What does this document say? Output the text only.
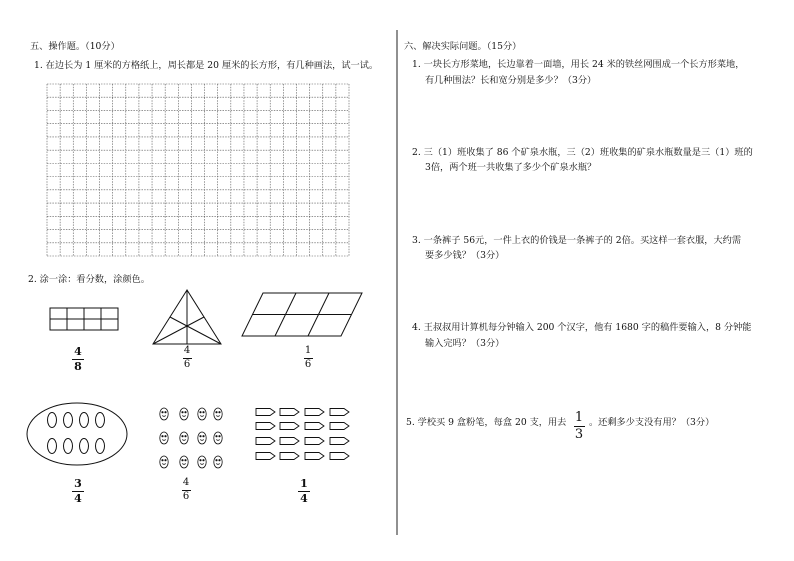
五、操作题。（10分）
1. 在边长为 1 厘米的方格纸上，周长都是 20 厘米的长方形，有几种画法，试一试。
2. 涂一涂：看分数，涂颜色。
六、解决实际问题。（15分）
1. 一块长方形菜地，长边靠着一面墙，用长 24 米的铁丝网围成一个长方形菜地，
有几种围法？长和宽分别是多少？（3分）
2. 三（1）班收集了 86 个矿泉水瓶，三（2）班收集的矿泉水瓶数量是三（1）班的
3倍，两个班一共收集了多少个矿泉水瓶？
3. 一条裤子 56元，一件上衣的价钱是一条裤子的 2倍。买这样一套衣服，大约需
要多少钱？（3分）
4. 王叔叔用计算机每分钟输入 200 个汉字，他有 1680 字的稿件要输入，8 分钟能
输入完吗？（3分）
5. 学校买 9 盒粉笔，每盒 20 支，用去 1
3
。还剩多少支没有用？（3分）
4
8
4
6
1
6
3
4
4
6
1
4
